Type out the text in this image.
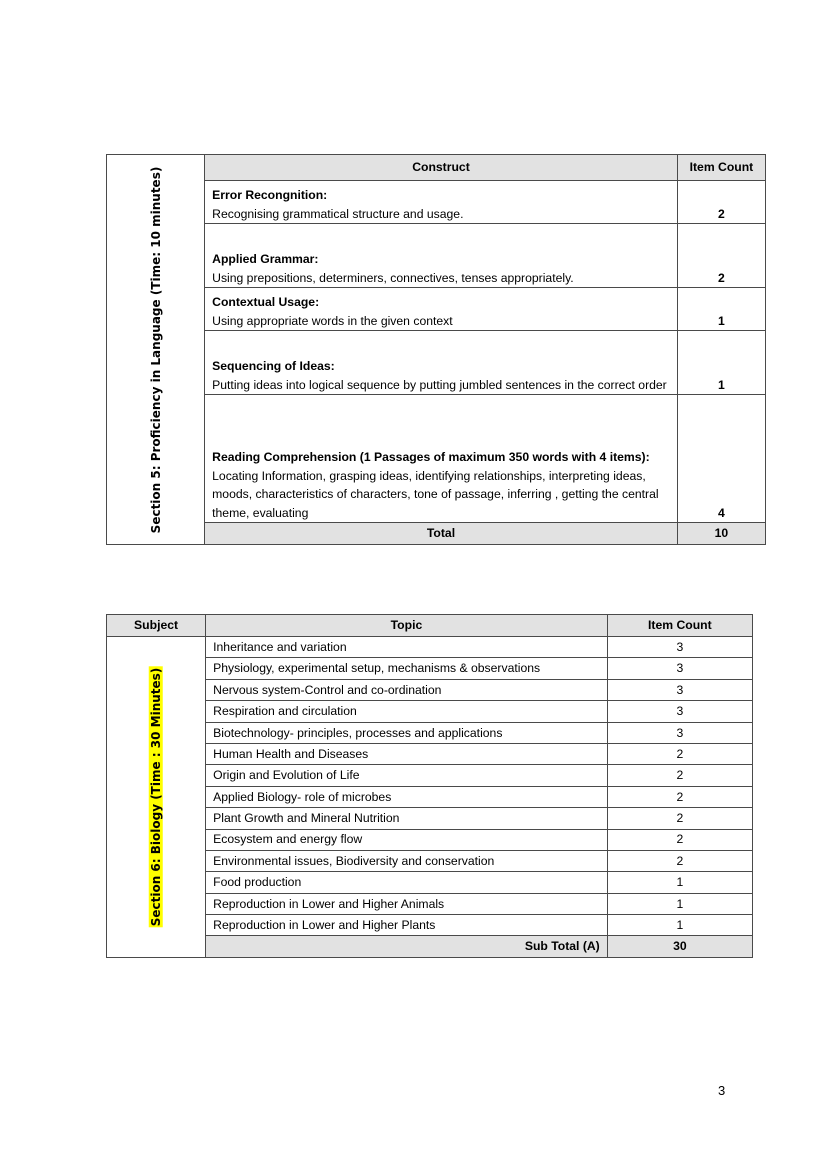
Section 5: Proficiency in Language (Time: 10 minutes)	Construct	Item Count

	Error Recongnition:
Recognising grammatical structure and usage.	2

	Applied Grammar:
Using prepositions, determiners, connectives, tenses appropriately.	2

	Contextual Usage:
Using appropriate words in the given context	1

	Sequencing of Ideas:
Putting ideas into logical sequence by putting jumbled sentences in the correct order	1

	Reading Comprehension (1 Passages of maximum 350 words with 4 items):
Locating Information, grasping ideas, identifying relationships, interpreting ideas, moods, characteristics of characters, tone of passage, inferring , getting the central theme, evaluating	4
	Total	10
Subject	Topic	Item Count

Section 6: Biology (Time : 30 Minutes)	Inheritance and variation	3
	Physiology, experimental setup, mechanisms & observations	3
	Nervous system-Control and co-ordination	3
	Respiration and circulation	3
	Biotechnology- principles, processes and applications	3
	Human Health and Diseases	2
	Origin and Evolution of Life	2
	Applied Biology- role of microbes	2
	Plant Growth and Mineral Nutrition	2
	Ecosystem and energy flow	2
	Environmental issues, Biodiversity and conservation	2
	Food production	1
	Reproduction in Lower and Higher Animals	1
	Reproduction in Lower and Higher Plants	1
	Sub Total (A)	30
3
